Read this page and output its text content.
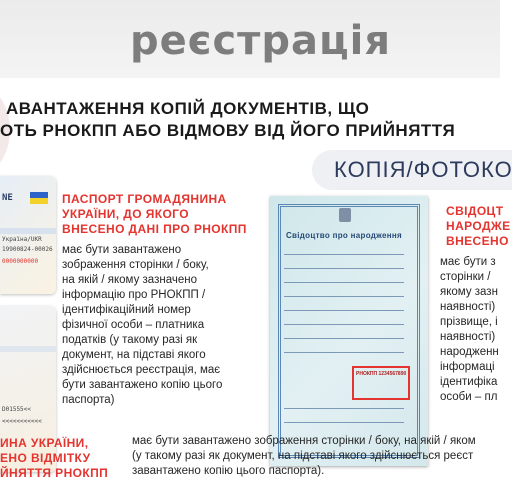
реєстрація
АВАНТАЖЕННЯ КОПІЙ ДОКУМЕНТІВ, ЩО
ОТЬ РНОКПП АБО ВІДМОВУ ВІД ЙОГО ПРИЙНЯТТЯ
КОПІЯ/ФОТОКО
NE
Україна/UKR
19900824-00026
0000000000
D01555<<
<<<<<<<<<<<
ПАСПОРТ ГРОМАДЯНИНА
УКРАЇНИ, ДО ЯКОГО
ВНЕСЕНО ДАНІ ПРО РНОКПП
має бути завантажено
зображення сторінки / боку,
на якій / якому зазначено
інформацію про РНОКПП /
ідентифікаційний номер
фізичної особи – платника
податків (у такому разі як
документ, на підставі якого
здійснюється реєстрація, має
бути завантажено копію цього
паспорта)
Свідоцтво про народження
РНОКПП 1234567890
СВІДОЦТ
НАРОДЖЕ
ВНЕСЕНО
має бути з
сторінки /
якому зазн
наявності)
прізвище, і
наявності)
народженн
інформаці
ідентифіка
особи – пл
ИНА УКРАЇНИ,
ЕНО ВІДМІТКУ
ЙНЯТТЯ РНОКПП
має бути завантажено зображення сторінки / боку, на якій / яком
(у такому разі як документ, на підставі якого здійснюється реєст
завантажено копію цього паспорта).
